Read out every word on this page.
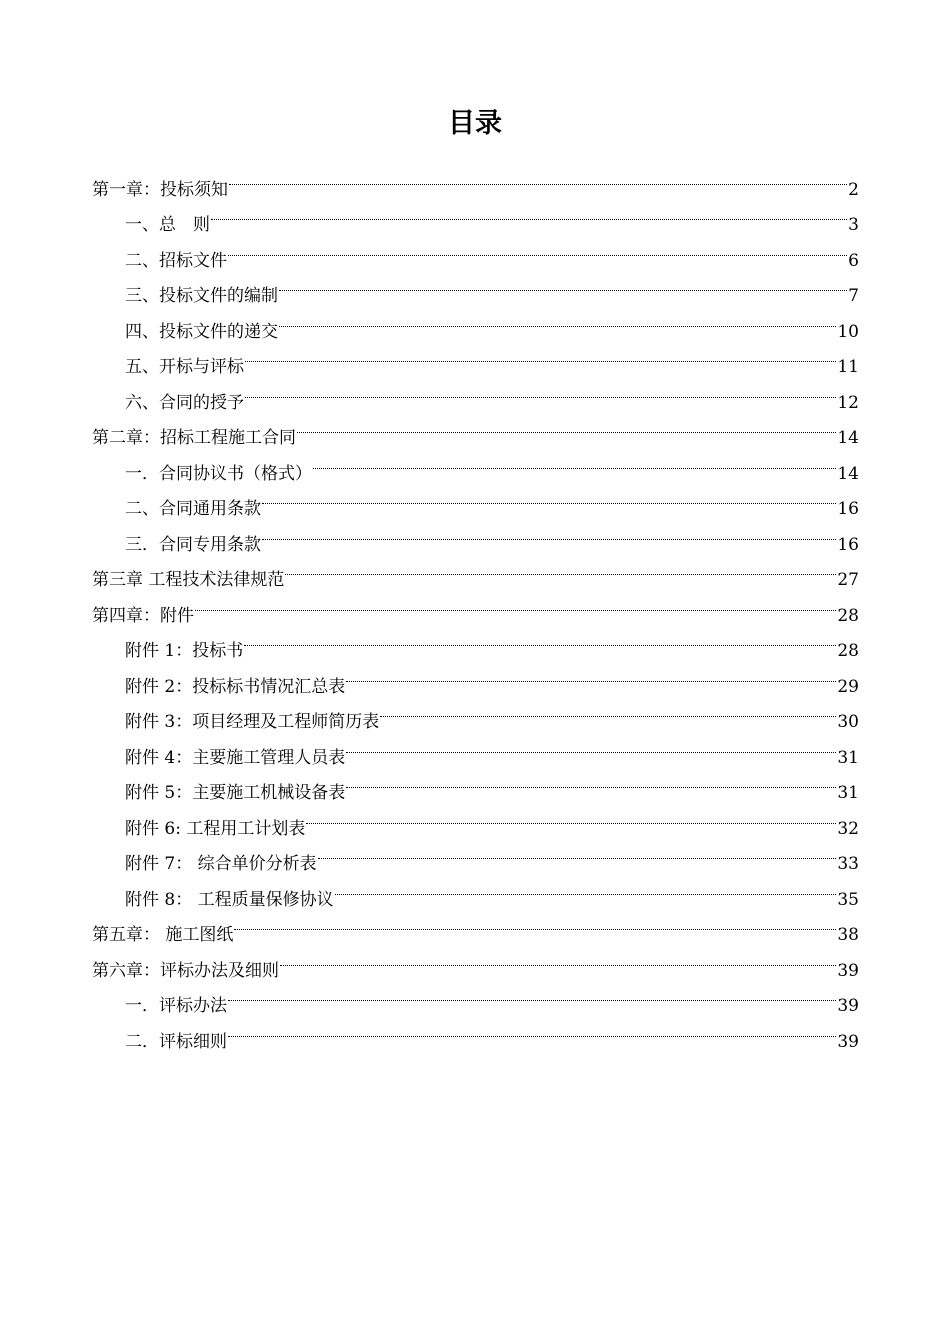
目录
第一章：投标须知	2
一、总　则	3
二、招标文件	6
三、投标文件的编制	7
四、投标文件的递交	10
五、开标与评标	11
六、合同的授予	12
第二章：招标工程施工合同	14
一．合同协议书（格式）	14
二、合同通用条款	16
三．合同专用条款	16
第三章 工程技术法律规范	27
第四章：附件	28
附件 1：投标书	28
附件 2：投标标书情况汇总表	29
附件 3：项目经理及工程师简历表	30
附件 4：主要施工管理人员表	31
附件 5：主要施工机械设备表	31
附件 6: 工程用工计划表	32
附件 7： 综合单价分析表	33
附件 8： 工程质量保修协议	35
第五章： 施工图纸	38
第六章：评标办法及细则	39
一．评标办法	39
二．评标细则	39
